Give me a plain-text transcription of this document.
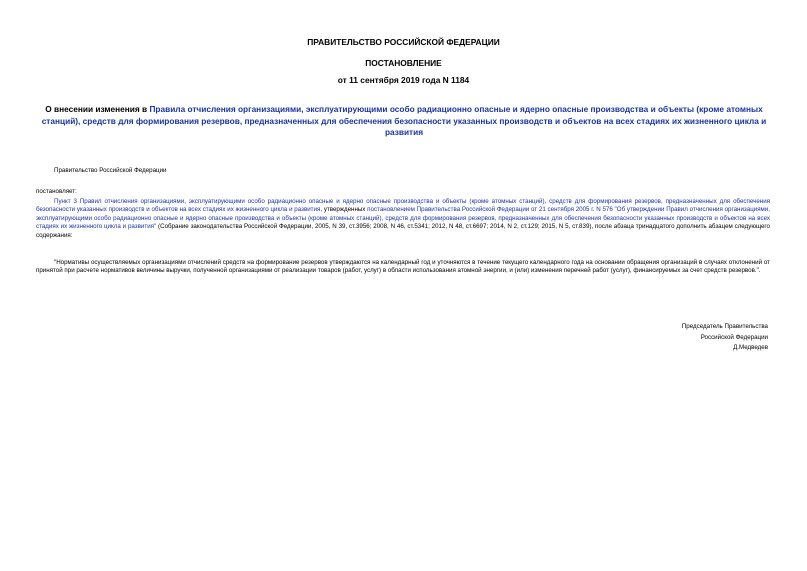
ПРАВИТЕЛЬСТВО РОССИЙСКОЙ ФЕДЕРАЦИИ
ПОСТАНОВЛЕНИЕ
от 11 сентября 2019 года N 1184
О внесении изменения в Правила отчисления организациями, эксплуатирующими особо радиационно опасные и ядерно опасные производства и объекты (кроме атомных станций), средств для формирования резервов, предназначенных для обеспечения безопасности указанных производств и объектов на всех стадиях их жизненного цикла и развития
Правительство Российской Федерации
постановляет:
Пункт 3 Правил отчисления организациями, эксплуатирующими особо радиационно опасные и ядерно опасные производства и объекты (кроме атомных станций), средств для формирования резервов, предназначенных для обеспечения безопасности указанных производств и объектов на всех стадиях их жизненного цикла и развития, утвержденных постановлением Правительства Российской Федерации от 21 сентября 2005 г. N 576 "Об утверждении Правил отчисления организациями, эксплуатирующими особо радиационно опасные и ядерно опасные производства и объекты (кроме атомных станций), средств для формирования резервов, предназначенных для обеспечения безопасности указанных производств и объектов на всех стадиях их жизненного цикла и развития" (Собрание законодательства Российской Федерации, 2005, N 39, ст.3956; 2008, N 46, ст.5341; 2012, N 48, ст.6697; 2014, N 2, ст.129; 2015, N 5, ст.839), после абзаца тринадцатого дополнить абзацем следующего содержания:
"Нормативы осуществляемых организациями отчислений средств на формирование резервов утверждаются на календарный год и уточняются в течение текущего календарного года на основании обращения организаций в случаях отклонений от принятой при расчете нормативов величины выручки, полученной организациями от реализации товаров (работ, услуг) в области использования атомной энергии, и (или) изменения перечней работ (услуг), финансируемых за счет средств резервов.".
Председатель Правительства
Российской Федерации
Д.Медведев
